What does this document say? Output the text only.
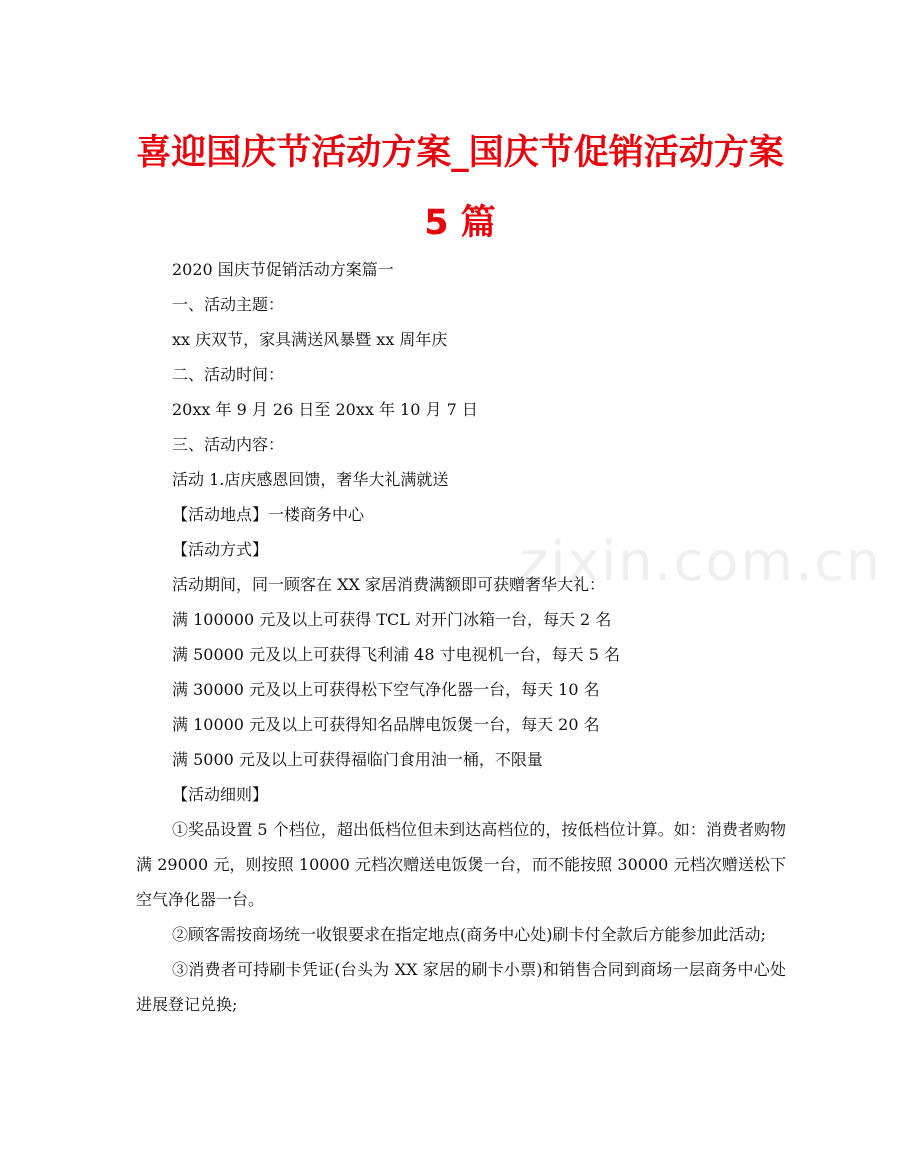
喜迎国庆节活动方案_国庆节促销活动方案
5 篇
zixin.com.cn

2020 国庆节促销活动方案篇一

一、活动主题：

xx 庆双节，家具满送风暴暨 xx 周年庆

二、活动时间：

20xx 年 9 月 26 日至 20xx 年 10 月 7 日

三、活动内容：

活动 1.店庆感恩回馈，奢华大礼满就送

【活动地点】一楼商务中心

【活动方式】

活动期间，同一顾客在 XX 家居消费满额即可获赠奢华大礼：

满 100000 元及以上可获得 TCL 对开门冰箱一台，每天 2 名

满 50000 元及以上可获得飞利浦 48 寸电视机一台，每天 5 名

满 30000 元及以上可获得松下空气净化器一台，每天 10 名

满 10000 元及以上可获得知名品牌电饭煲一台，每天 20 名

满 5000 元及以上可获得福临门食用油一桶，不限量

【活动细则】

①奖品设置 5 个档位，超出低档位但未到达高档位的，按低档位计算。如：消费者购物满 29000 元，则按照 10000 元档次赠送电饭煲一台，而不能按照 30000 元档次赠送松下空气净化器一台。

②顾客需按商场统一收银要求在指定地点(商务中心处)刷卡付全款后方能参加此活动;

③消费者可持刷卡凭证(台头为 XX 家居的刷卡小票)和销售合同到商场一层商务中心处进展登记兑换;
